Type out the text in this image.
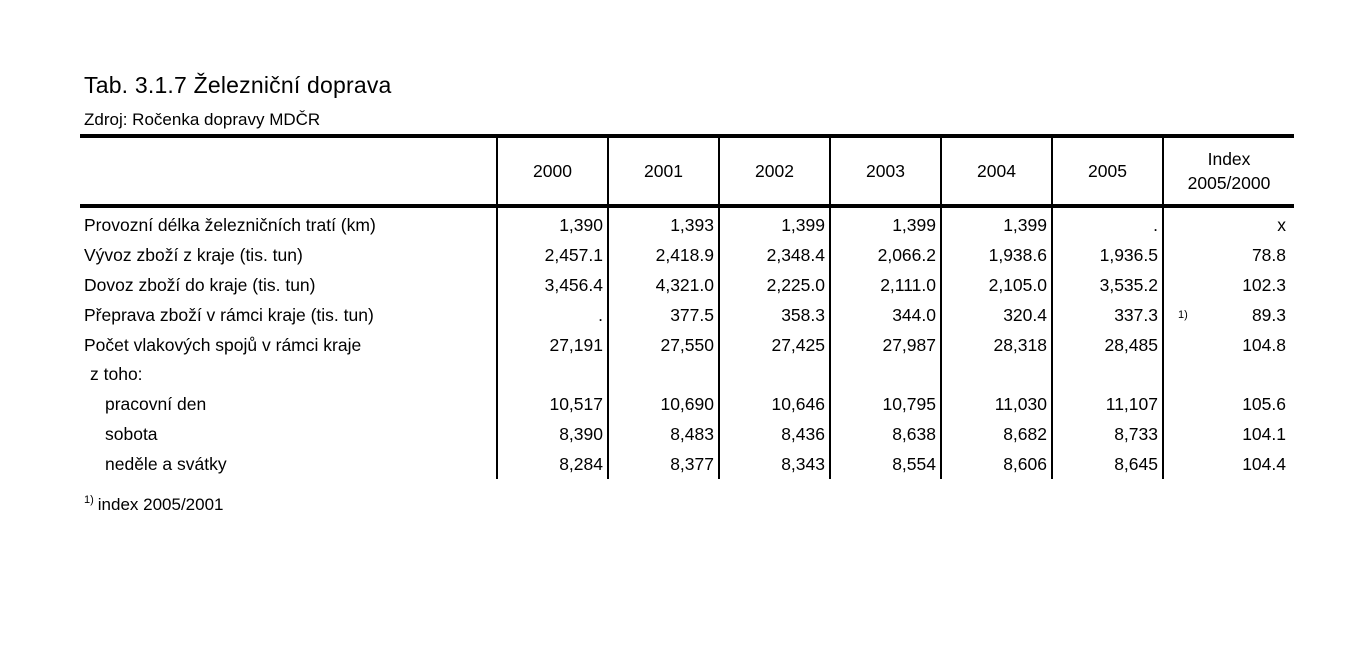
Tab. 3.1.7 Železniční doprava
Zdroj: Ročenka dopravy MDČR
	2000	2001	2002	2003	2004	2005	Index
2005/2000

Provozní délka železničních tratí (km)	1,390	1,393	1,399	1,399	1,399	.	x
Vývoz zboží z kraje (tis. tun)	2,457.1	2,418.9	2,348.4	2,066.2	1,938.6	1,936.5	78.8
Dovoz zboží do kraje (tis. tun)	3,456.4	4,321.0	2,225.0	2,111.0	2,105.0	3,535.2	102.3
Přeprava zboží v rámci kraje (tis. tun)	.	377.5	358.3	344.0	320.4	337.3	1) 89.3
Počet vlakových spojů v rámci kraje	27,191	27,550	27,425	27,987	28,318	28,485	104.8
z toho:							
pracovní den	10,517	10,690	10,646	10,795	11,030	11,107	105.6
sobota	8,390	8,483	8,436	8,638	8,682	8,733	104.1
neděle a svátky	8,284	8,377	8,343	8,554	8,606	8,645	104.4
$^{1)}$ index 2005/2001
